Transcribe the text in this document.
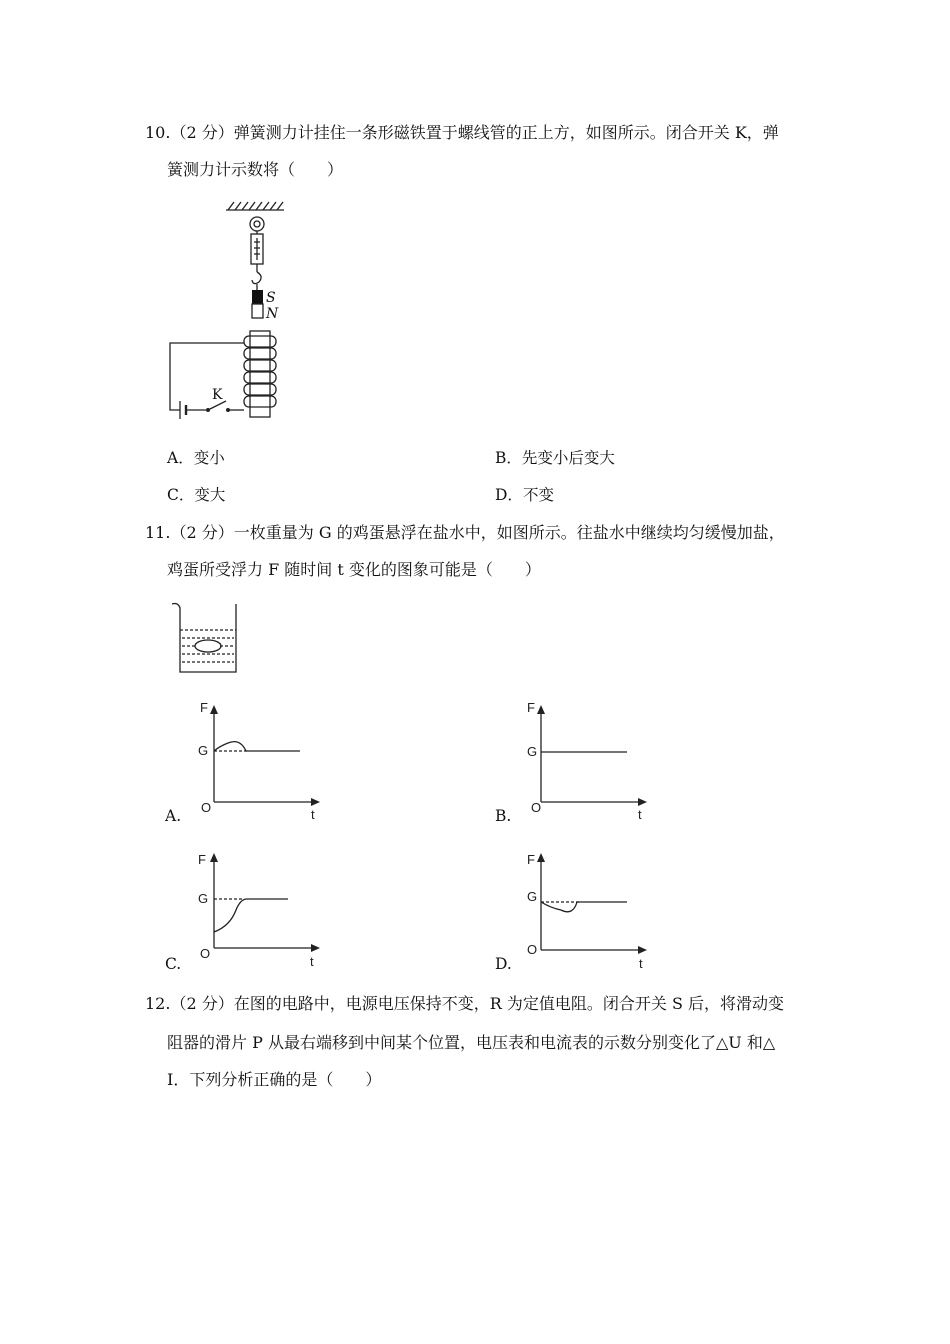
10.（2 分）弹簧测力计挂住一条形磁铁置于螺线管的正上方，如图所示。闭合开关 K，弹
簧测力计示数将（　　）
S
N
K
A．变小	B．先变小后变大
C．变大	D．不变
11.（2 分）一枚重量为 G 的鸡蛋悬浮在盐水中，如图所示。往盐水中继续均匀缓慢加盐，
鸡蛋所受浮力 F 随时间 t 变化的图象可能是（　　）
F
G
O	t
A.
F
G
O	t
B.
F
G
O
t
C.
F
G
O
t
D.
12.（2 分）在图的电路中，电源电压保持不变，R 为定值电阻。闭合开关 S 后，将滑动变
阻器的滑片 P 从最右端移到中间某个位置，电压表和电流表的示数分别变化了△U 和△
I．下列分析正确的是（　　）
